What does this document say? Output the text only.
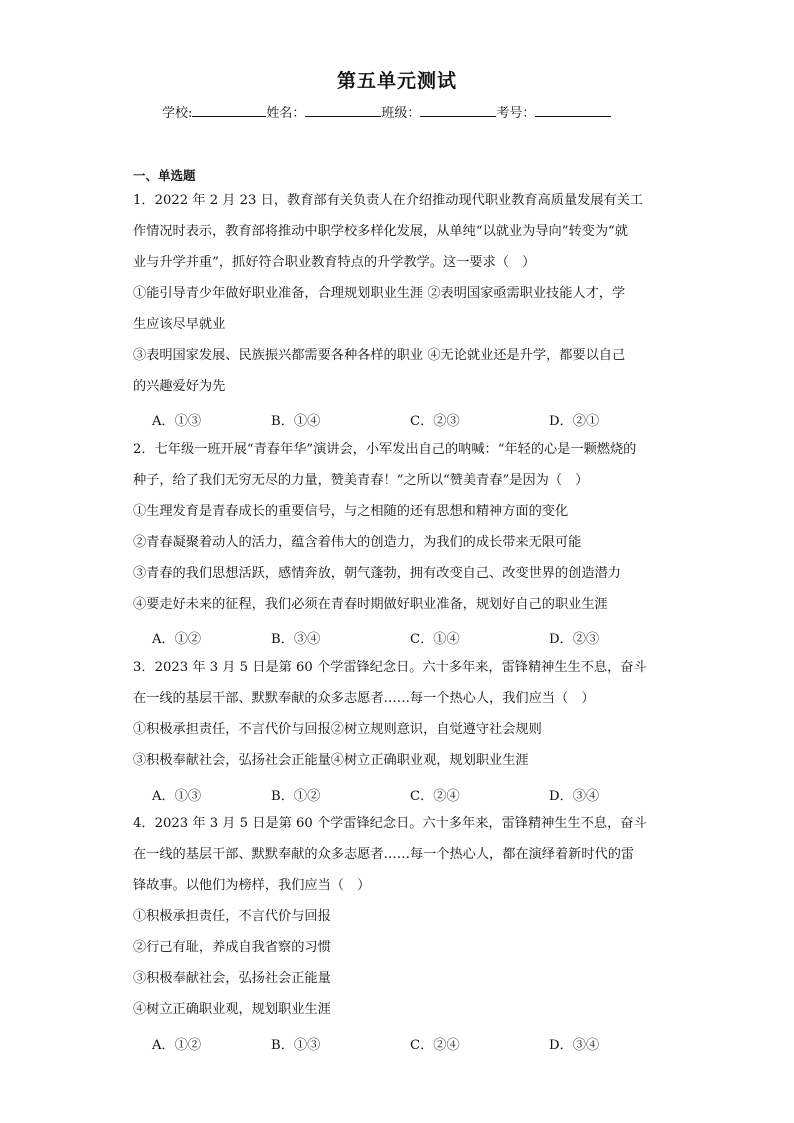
第五单元测试
学校:	姓名：	班级：	考号：
一、单选题
1．2022 年 2 月 23 日，教育部有关负责人在介绍推动现代职业教育高质量发展有关工
作情况时表示，教育部将推动中职学校多样化发展，从单纯“以就业为导向”转变为“就
业与升学并重”，抓好符合职业教育特点的升学教学。这一要求（　）
①能引导青少年做好职业准备，合理规划职业生涯 ②表明国家亟需职业技能人才，学
生应该尽早就业
③表明国家发展、民族振兴都需要各种各样的职业 ④无论就业还是升学，都要以自己
的兴趣爱好为先
A．①③	B．①④	C．②③	D．②①
2．七年级一班开展“青春年华”演讲会，小军发出自己的呐喊：“年轻的心是一颗燃烧的
种子，给了我们无穷无尽的力量，赞美青春！”之所以“赞美青春”是因为（　）
①生理发育是青春成长的重要信号，与之相随的还有思想和精神方面的变化
②青春凝聚着动人的活力，蕴含着伟大的创造力，为我们的成长带来无限可能
③青春的我们思想活跃，感情奔放，朝气蓬勃，拥有改变自己、改变世界的创造潜力
④要走好未来的征程，我们必须在青春时期做好职业准备，规划好自己的职业生涯
A．①②	B．③④	C．①④	D．②③
3．2023 年 3 月 5 日是第 60 个学雷锋纪念日。六十多年来，雷锋精神生生不息，奋斗
在一线的基层干部、默默奉献的众多志愿者……每一个热心人，我们应当（　）
①积极承担责任，不言代价与回报②树立规则意识，自觉遵守社会规则
③积极奉献社会，弘扬社会正能量④树立正确职业观，规划职业生涯
A．①③	B．①②	C．②④	D．③④
4．2023 年 3 月 5 日是第 60 个学雷锋纪念日。六十多年来，雷锋精神生生不息，奋斗
在一线的基层干部、默默奉献的众多志愿者……每一个热心人，都在演绎着新时代的雷
锋故事。以他们为榜样，我们应当（　）
①积极承担责任，不言代价与回报
②行己有耻，养成自我省察的习惯
③积极奉献社会，弘扬社会正能量
④树立正确职业观，规划职业生涯
A．①②	B．①③	C．②④	D．③④
